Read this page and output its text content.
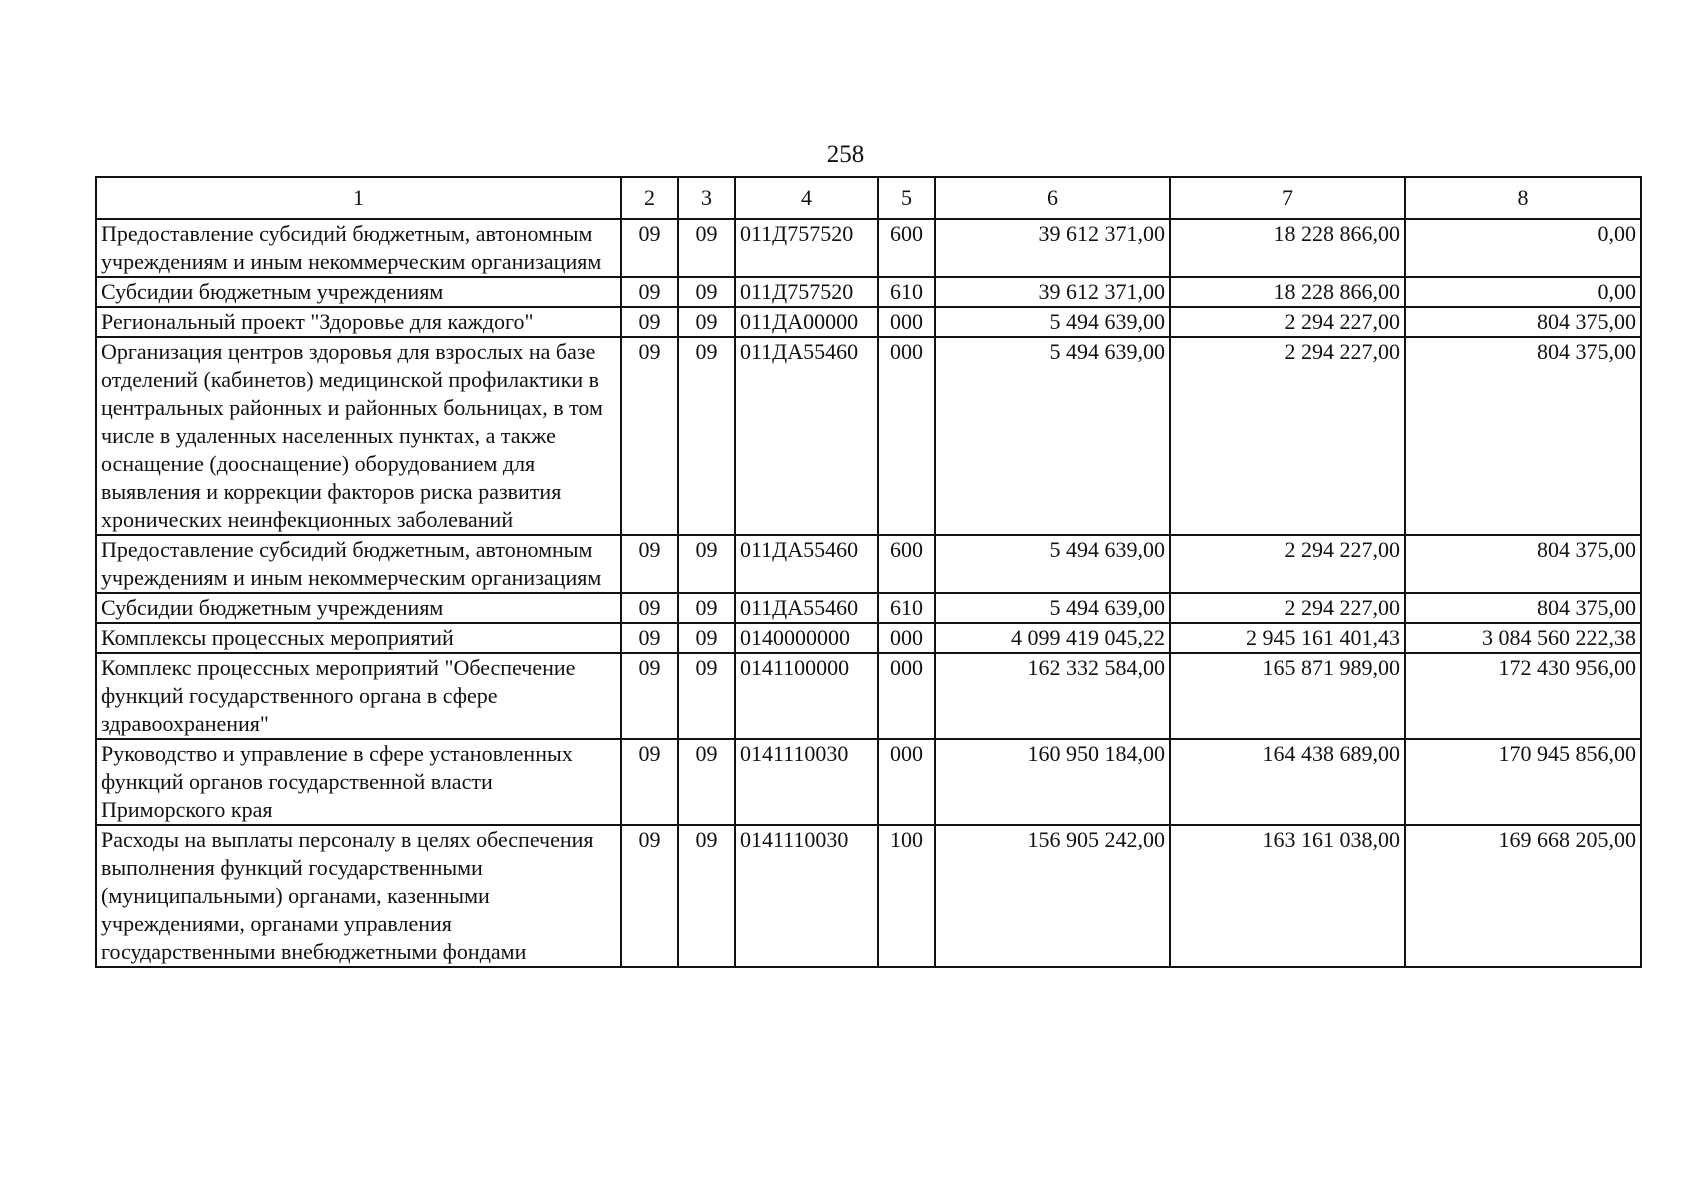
258
1	2	3	4	5	6	7	8
Предоставление субсидий бюджетным, автономным учреждениям и иным некоммерческим организациям	09	09	011Д757520	600	39 612 371,00	18 228 866,00	0,00
Субсидии бюджетным учреждениям	09	09	011Д757520	610	39 612 371,00	18 228 866,00	0,00
Региональный проект "Здоровье для каждого"	09	09	011ДА00000	000	5 494 639,00	2 294 227,00	804 375,00
Организация центров здоровья для взрослых на базе отделений (кабинетов) медицинской профилактики в центральных районных и районных больницах, в том числе в удаленных населенных пунктах, а также оснащение (дооснащение) оборудованием для выявления и коррекции факторов риска развития хронических неинфекционных заболеваний	09	09	011ДА55460	000	5 494 639,00	2 294 227,00	804 375,00
Предоставление субсидий бюджетным, автономным учреждениям и иным некоммерческим организациям	09	09	011ДА55460	600	5 494 639,00	2 294 227,00	804 375,00
Субсидии бюджетным учреждениям	09	09	011ДА55460	610	5 494 639,00	2 294 227,00	804 375,00
Комплексы процессных мероприятий	09	09	0140000000	000	4 099 419 045,22	2 945 161 401,43	3 084 560 222,38
Комплекс процессных мероприятий "Обеспечение функций государственного органа в сфере здравоохранения"	09	09	0141100000	000	162 332 584,00	165 871 989,00	172 430 956,00
Руководство и управление в сфере установленных функций органов государственной власти Приморского края	09	09	0141110030	000	160 950 184,00	164 438 689,00	170 945 856,00
Расходы на выплаты персоналу в целях обеспечения выполнения функций государственными (муниципальными) органами, казенными учреждениями, органами управления государственными внебюджетными фондами	09	09	0141110030	100	156 905 242,00	163 161 038,00	169 668 205,00
